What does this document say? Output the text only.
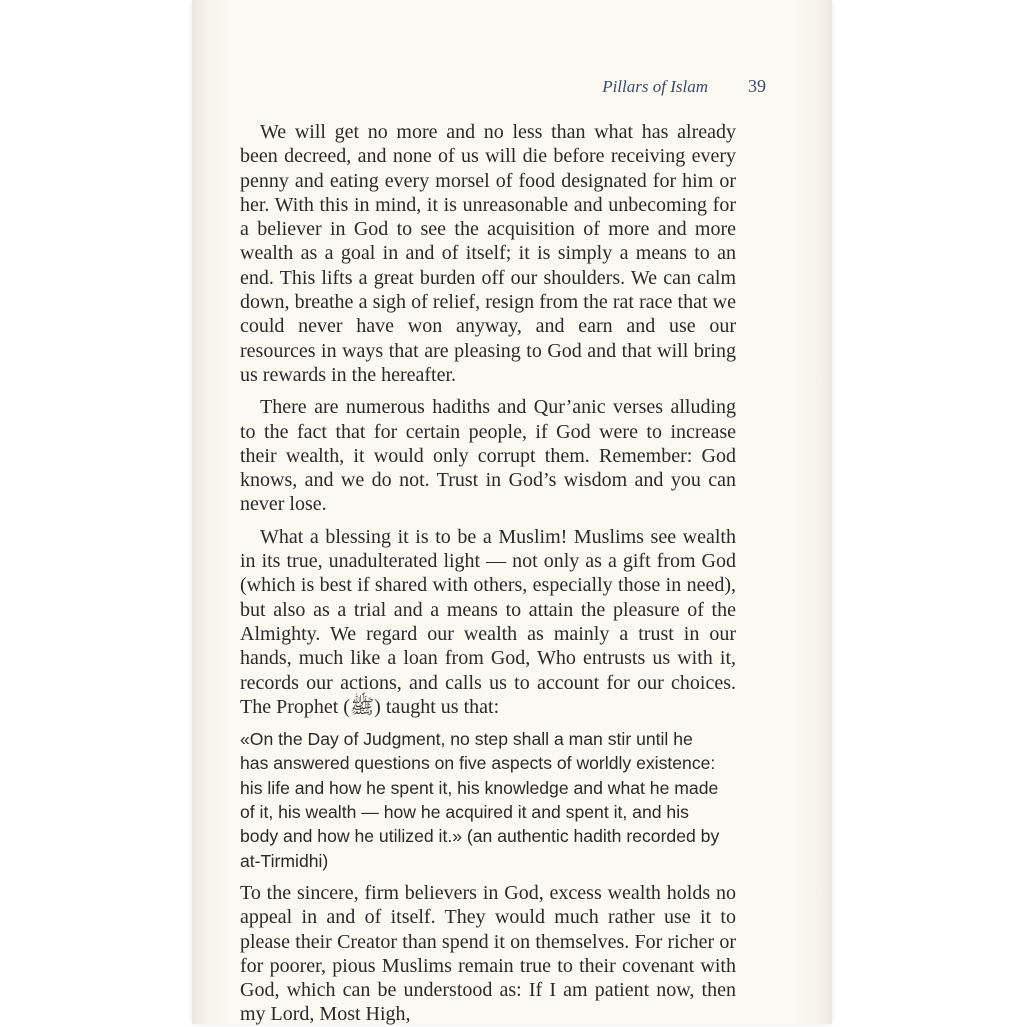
Pillars of Islam 39

We will get no more and no less than what has already been decreed, and none of us will die before receiving every penny and eating every morsel of food designated for him or her. With this in mind, it is unreasonable and unbecoming for a believer in God to see the acquisition of more and more wealth as a goal in and of itself; it is simply a means to an end. This lifts a great burden off our shoulders. We can calm down, breathe a sigh of relief, resign from the rat race that we could never have won anyway, and earn and use our resources in ways that are pleasing to God and that will bring us rewards in the hereafter.

There are numerous hadiths and Qur’anic verses alluding to the fact that for certain people, if God were to increase their wealth, it would only corrupt them. Remember: God knows, and we do not. Trust in God’s wisdom and you can never lose.

What a blessing it is to be a Muslim! Muslims see wealth in its true, unadulterated light — not only as a gift from God (which is best if shared with others, especially those in need), but also as a trial and a means to attain the pleasure of the Almighty. We regard our wealth as mainly a trust in our hands, much like a loan from God, Who entrusts us with it, records our actions, and calls us to account for our choices. The Prophet (ﷺ) taught us that:

«On the Day of Judgment, no step shall a man stir until he has answered questions on five aspects of worldly existence: his life and how he spent it, his knowledge and what he made of it, his wealth — how he acquired it and spent it, and his body and how he utilized it.» (an authentic hadith recorded by at-Tirmidhi)

To the sincere, firm believers in God, excess wealth holds no appeal in and of itself. They would much rather use it to please their Creator than spend it on themselves. For richer or for poorer, pious Muslims remain true to their covenant with God, which can be understood as: If I am patient now, then my Lord, Most High,
